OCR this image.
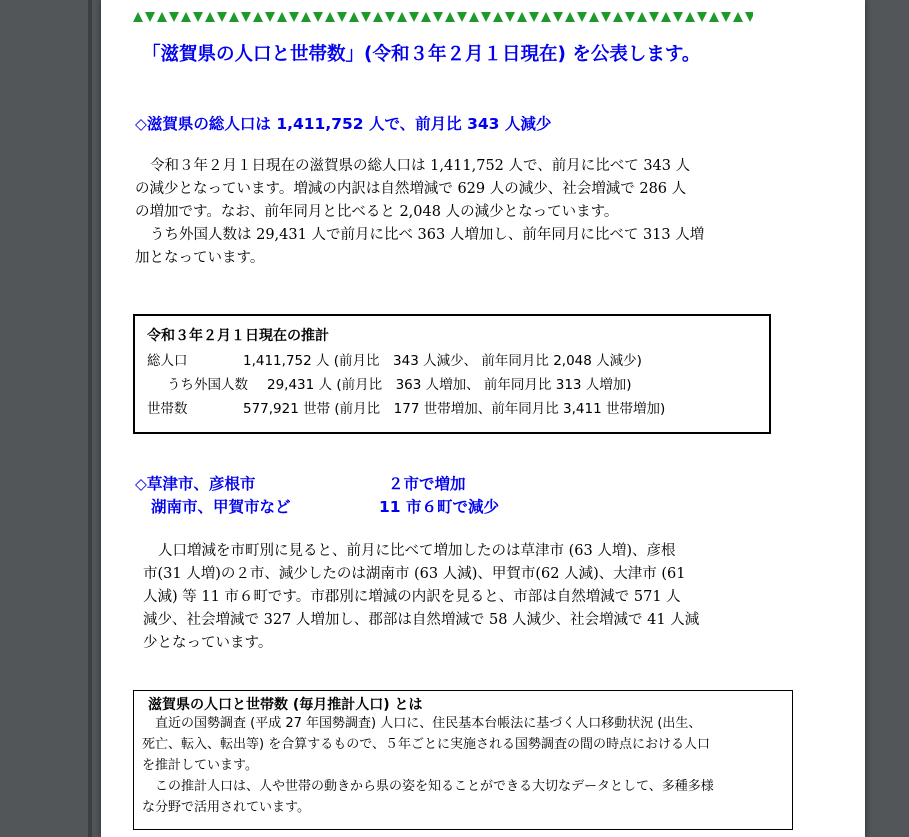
「滋賀県の人口と世帯数」(令和３年２月１日現在) を公表します。
◇滋賀県の総人口は 1,411,752 人で、前月比 343 人減少
令和３年２月１日現在の滋賀県の総人口は 1,411,752 人で、前月に比べて 343 人
の減少となっています。増減の内訳は自然増減で 629 人の減少、社会増減で 286 人
の増加です。なお、前年同月と比べると 2,048 人の減少となっています。
うち外国人数は 29,431 人で前月に比べ 363 人増加し、前年同月に比べて 313 人増
加となっています。
令和３年２月１日現在の推計
総人口	1,411,752 人 (前月比　343 人減少、 前年同月比 2,048 人減少)
うち外国人数 29,431 人 (前月比　363 人増加、 前年同月比 313 人増加)
世帯数	577,921 世帯 (前月比　177 世帯増加、前年同月比 3,411 世帯増加)
◇草津市、彦根市	２市で増加
湖南市、甲賀市など	11 市６町で減少
人口増減を市町別に見ると、前月に比べて増加したのは草津市 (63 人増)、彦根
市(31 人増)の２市、減少したのは湖南市 (63 人減)、甲賀市(62 人減)、大津市 (61
人減) 等 11 市６町です。市郡別に増減の内訳を見ると、市部は自然増減で 571 人
減少、社会増減で 327 人増加し、郡部は自然増減で 58 人減少、社会増減で 41 人減
少となっています。
滋賀県の人口と世帯数 (毎月推計人口) とは
直近の国勢調査 (平成 27 年国勢調査) 人口に、住民基本台帳法に基づく人口移動状況 (出生、
死亡、転入、転出等) を合算するもので、５年ごとに実施される国勢調査の間の時点における人口
を推計しています。
この推計人口は、人や世帯の動きから県の姿を知ることができる大切なデータとして、多種多様
な分野で活用されています。
